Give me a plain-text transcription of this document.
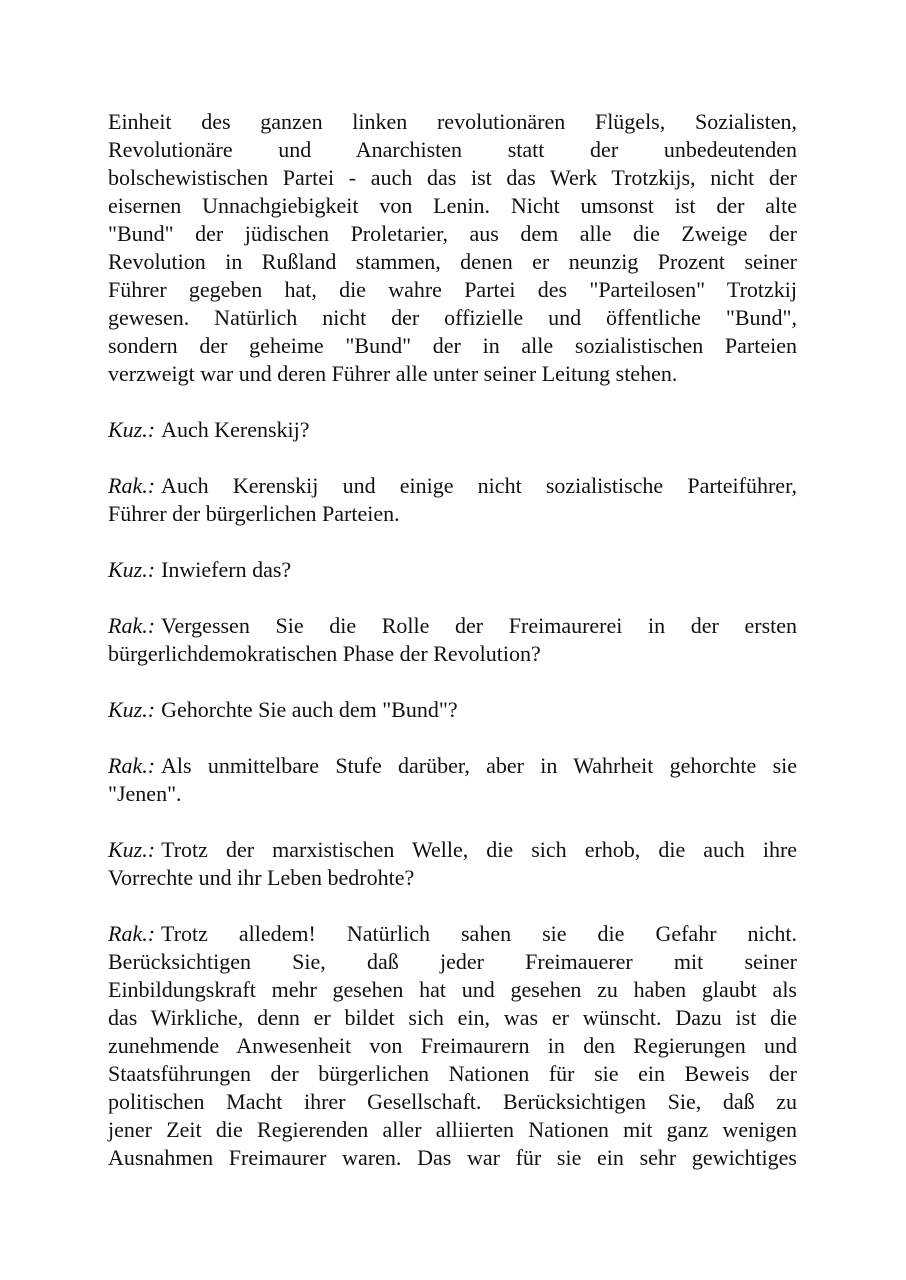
Einheit des ganzen linken revolutionären Flügels, Sozialisten,
Revolutionäre und Anarchisten statt der unbedeutenden
bolschewistischen Partei - auch das ist das Werk Trotzkijs, nicht der
eisernen Unnachgiebigkeit von Lenin. Nicht umsonst ist der alte
"Bund" der jüdischen Proletarier, aus dem alle die Zweige der
Revolution in Rußland stammen, denen er neunzig Prozent seiner
Führer gegeben hat, die wahre Partei des "Parteilosen" Trotzkij
gewesen. Natürlich nicht der offizielle und öffentliche "Bund",
sondern der geheime "Bund" der in alle sozialistischen Parteien
verzweigt war und deren Führer alle unter seiner Leitung stehen.
Kuz.: Auch Kerenskij?
Rak.: Auch Kerenskij und einige nicht sozialistische Parteiführer,
Führer der bürgerlichen Parteien.
Kuz.: Inwiefern das?
Rak.: Vergessen Sie die Rolle der Freimaurerei in der ersten
bürgerlichdemokratischen Phase der Revolution?
Kuz.: Gehorchte Sie auch dem "Bund"?
Rak.: Als unmittelbare Stufe darüber, aber in Wahrheit gehorchte sie
"Jenen".
Kuz.: Trotz der marxistischen Welle, die sich erhob, die auch ihre
Vorrechte und ihr Leben bedrohte?
Rak.: Trotz alledem! Natürlich sahen sie die Gefahr nicht.
Berücksichtigen Sie, daß jeder Freimauerer mit seiner
Einbildungskraft mehr gesehen hat und gesehen zu haben glaubt als
das Wirkliche, denn er bildet sich ein, was er wünscht. Dazu ist die
zunehmende Anwesenheit von Freimaurern in den Regierungen und
Staatsführungen der bürgerlichen Nationen für sie ein Beweis der
politischen Macht ihrer Gesellschaft. Berücksichtigen Sie, daß zu
jener Zeit die Regierenden aller alliierten Nationen mit ganz wenigen
Ausnahmen Freimaurer waren. Das war für sie ein sehr gewichtiges
